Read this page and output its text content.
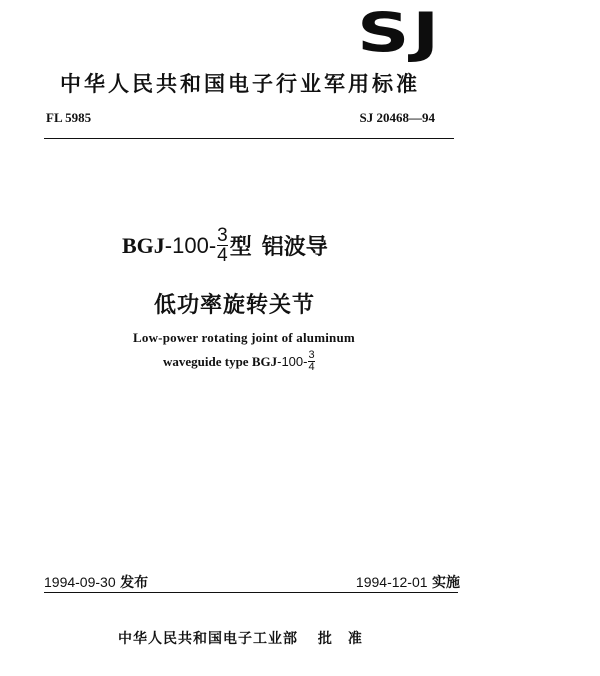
SJ
中华人民共和国电子行业军用标准
FL 5985	SJ 20468—94
BGJ $-100- \frac{3}{4}$ 型 铝波导
低功率旋转关节
Low-power rotating joint of aluminum
waveguide type BGJ $-100- \frac{3}{4}$
1994-09-30 发布	1994-12-01 实施
中华人民共和国电子工业部 批　准
